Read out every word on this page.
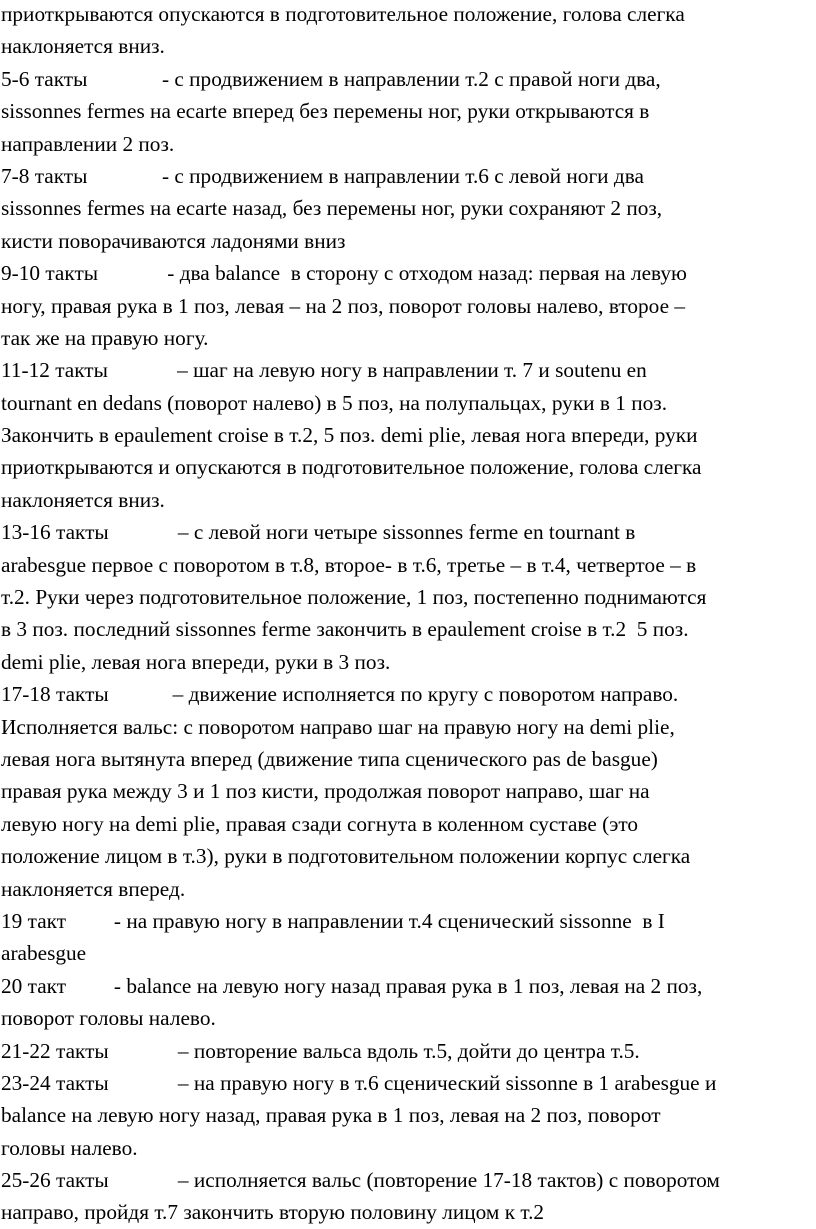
приоткрываются опускаются в подготовительное положение, голова слегка

наклоняется вниз.

5-6 такты              - с продвижением в направлении т.2 с правой ноги два,

sissonnes fermes на ecarte вперед без перемены ног, руки открываются в

направлении 2 поз.

7-8 такты              - с продвижением в направлении т.6 с левой ноги два

sissonnes fermes на ecarte назад, без перемены ног, руки сохраняют 2 поз,

кисти поворачиваются ладонями вниз

9-10 такты             - два balance  в сторону с отходом назад: первая на левую

ногу, правая рука в 1 поз, левая – на 2 поз, поворот головы налево, второе –

так же на правую ногу.

11-12 такты             – шаг на левую ногу в направлении т. 7 и soutenu en

tournant en dedans (поворот налево) в 5 поз, на полупальцах, руки в 1 поз.

Закончить в epaulement croise в т.2, 5 поз. demi plie, левая нога впереди, руки

приоткрываются и опускаются в подготовительное положение, голова слегка

наклоняется вниз.

13-16 такты             – с левой ноги четыре sissonnes ferme en tournant в

arabesgue первое с поворотом в т.8, второе- в т.6, третье – в т.4, четвертое – в

т.2. Руки через подготовительное положение, 1 поз, постепенно поднимаются

в 3 поз. последний sissonnes ferme закончить в epaulement croise в т.2  5 поз.

demi plie, левая нога впереди, руки в 3 поз.

17-18 такты            – движение исполняется по кругу с поворотом направо.

Исполняется вальс: с поворотом направо шаг на правую ногу на demi plie,

левая нога вытянута вперед (движение типа сценического pas de basgue)

правая рука между 3 и 1 поз кисти, продолжая поворот направо, шаг на

левую ногу на demi plie, правая сзади согнута в коленном суставе (это

положение лицом в т.3), руки в подготовительном положении корпус слегка

наклоняется вперед.

19 такт         - на правую ногу в направлении т.4 сценический sissonne  в I

arabesgue

20 такт         - balance на левую ногу назад правая рука в 1 поз, левая на 2 поз,

поворот головы налево.

21-22 такты             – повторение вальса вдоль т.5, дойти до центра т.5.

23-24 такты             – на правую ногу в т.6 сценический sissonne в 1 arabesgue и

balance на левую ногу назад, правая рука в 1 поз, левая на 2 поз, поворот

головы налево.

25-26 такты             – исполняется вальс (повторение 17-18 тактов) с поворотом

направо, пройдя т.7 закончить вторую половину лицом к т.2
